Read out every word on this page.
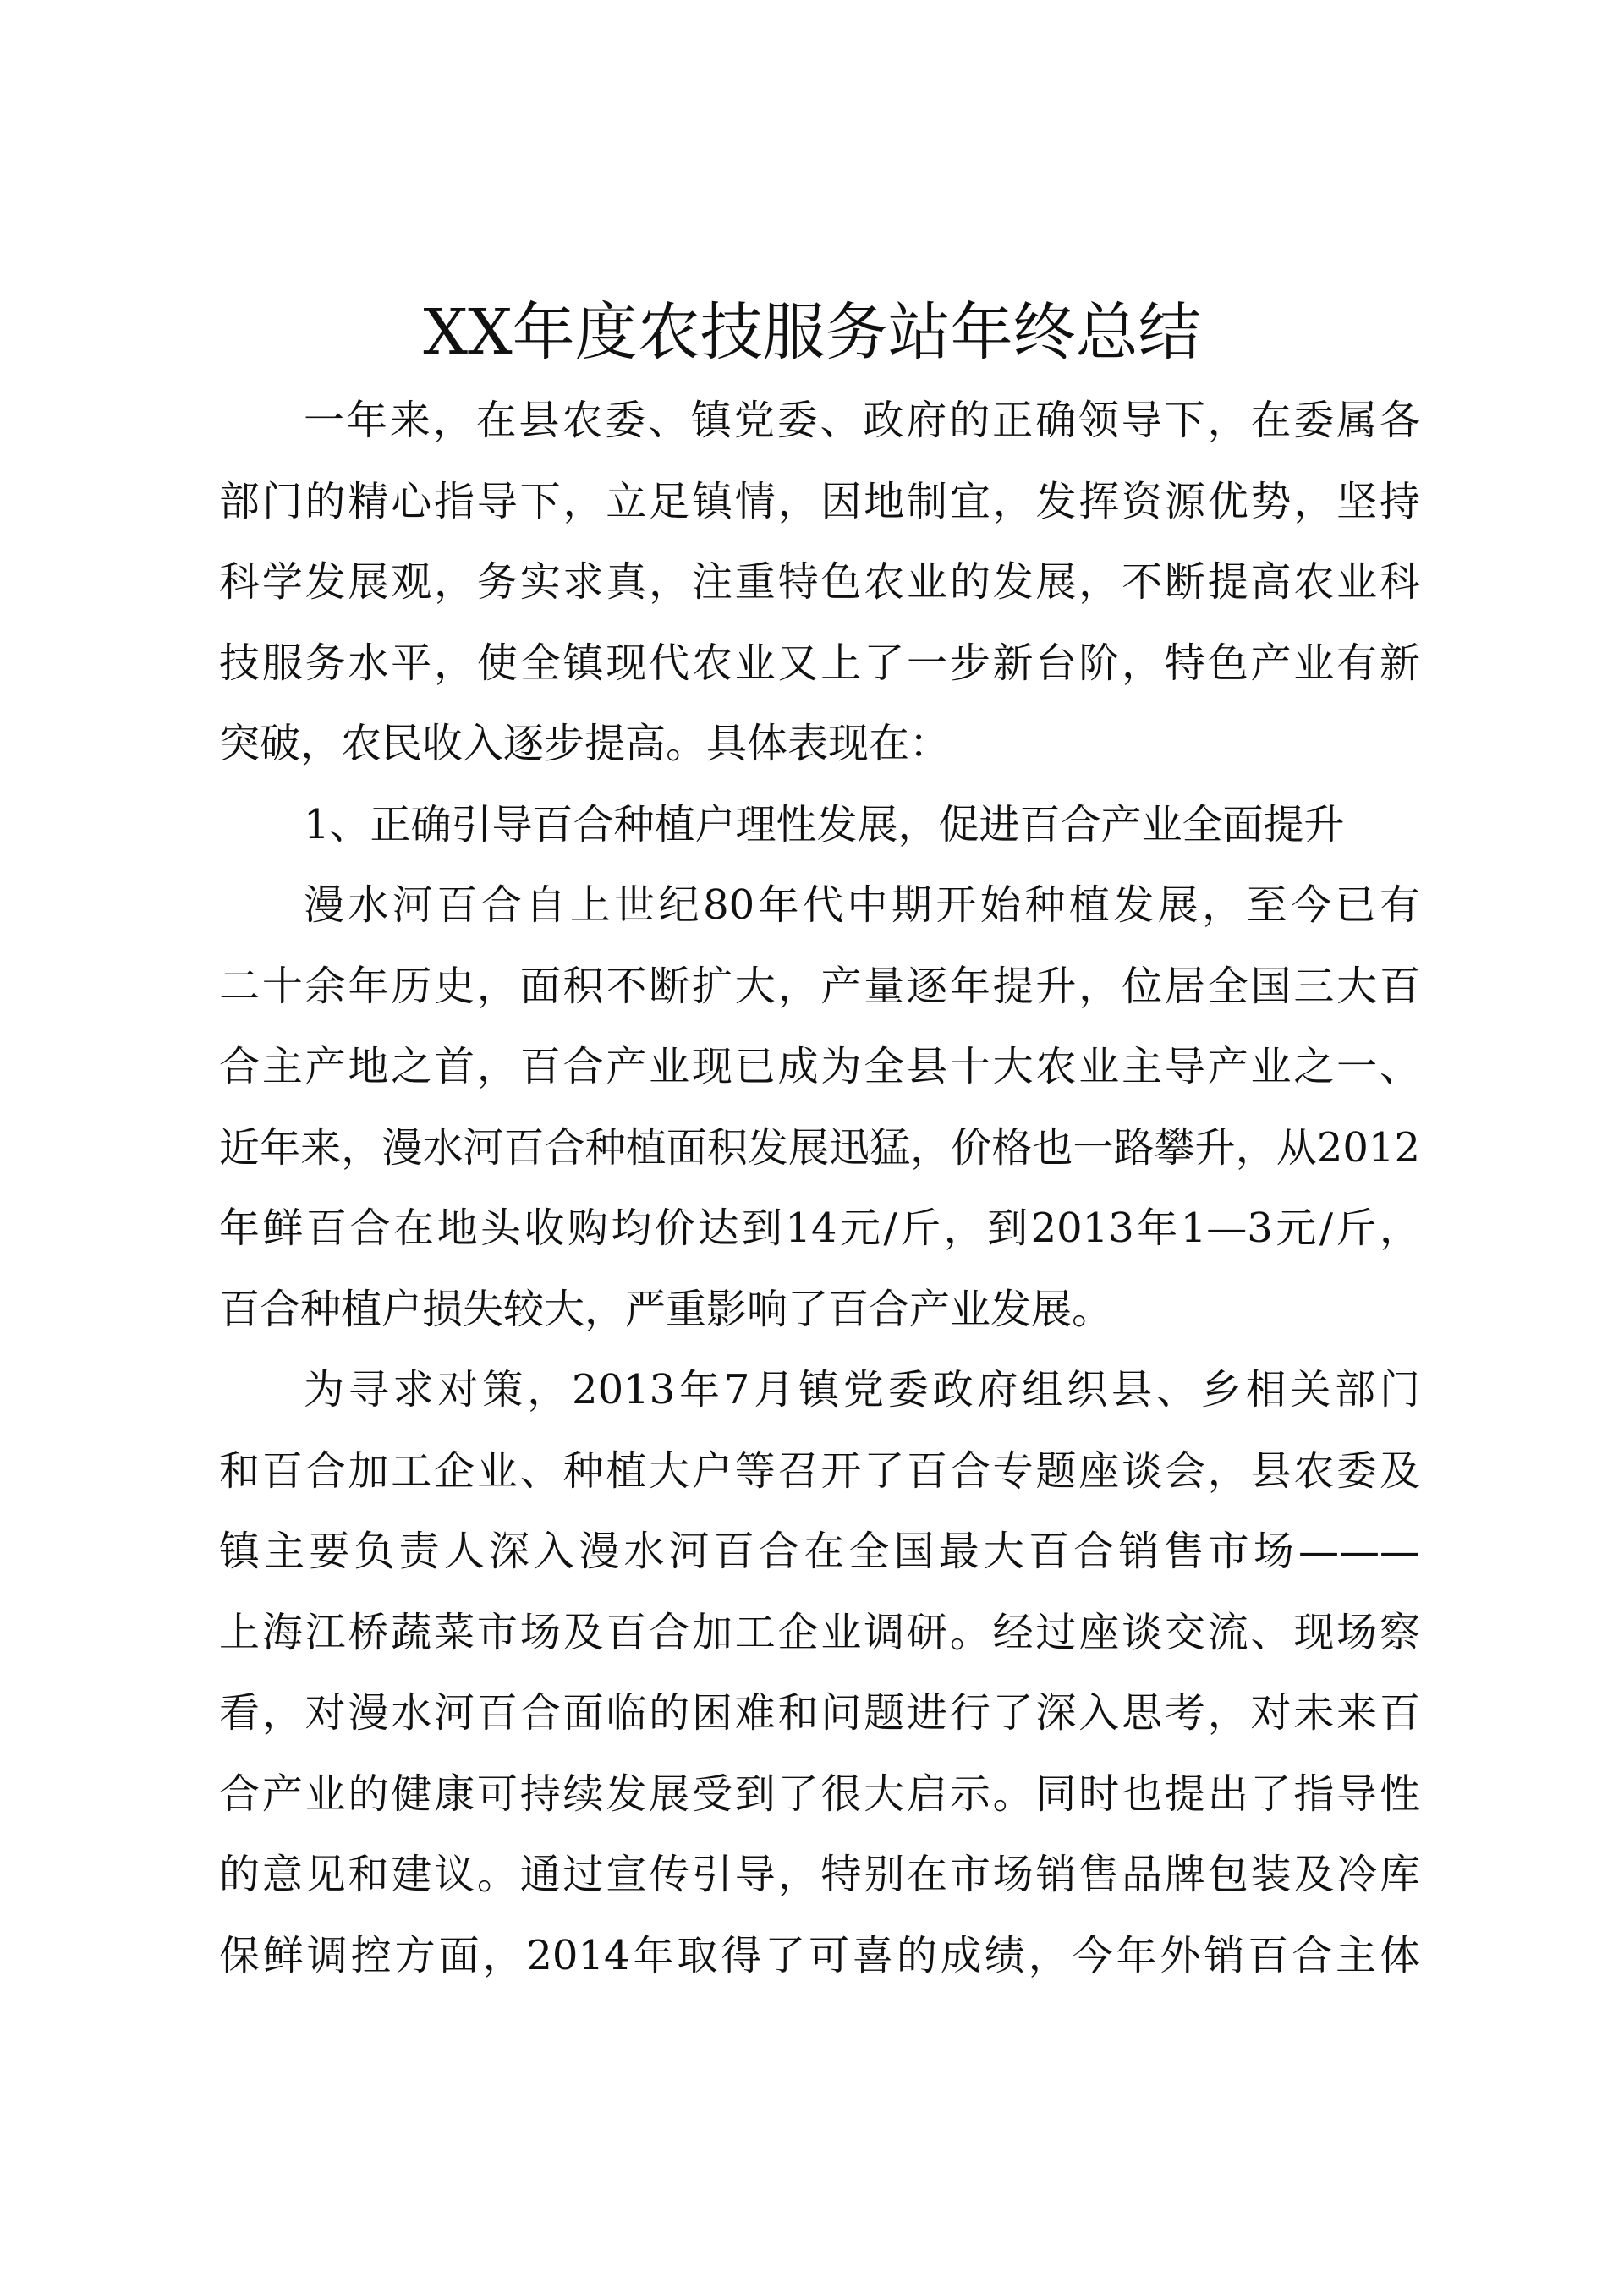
XX年度农技服务站年终总结
一年来，在县农委、镇党委、政府的正确领导下，在委属各
部门的精心指导下，立足镇情，因地制宜，发挥资源优势，坚持
科学发展观，务实求真，注重特色农业的发展，不断提高农业科
技服务水平，使全镇现代农业又上了一步新台阶，特色产业有新
突破，农民收入逐步提高。具体表现在：
1、正确引导百合种植户理性发展，促进百合产业全面提升
漫水河百合自上世纪80年代中期开始种植发展，至今已有
二十余年历史，面积不断扩大，产量逐年提升，位居全国三大百
合主产地之首，百合产业现已成为全县十大农业主导产业之一、
近年来，漫水河百合种植面积发展迅猛，价格也一路攀升，从2012
年鲜百合在地头收购均价达到14元/斤，到2013年1—3元/斤，
百合种植户损失较大，严重影响了百合产业发展。
为寻求对策，2013年7月镇党委政府组织县、乡相关部门
和百合加工企业、种植大户等召开了百合专题座谈会，县农委及
镇主要负责人深入漫水河百合在全国最大百合销售市场———
上海江桥蔬菜市场及百合加工企业调研。经过座谈交流、现场察
看，对漫水河百合面临的困难和问题进行了深入思考，对未来百
合产业的健康可持续发展受到了很大启示。同时也提出了指导性
的意见和建议。通过宣传引导，特别在市场销售品牌包装及冷库
保鲜调控方面，2014年取得了可喜的成绩，今年外销百合主体
